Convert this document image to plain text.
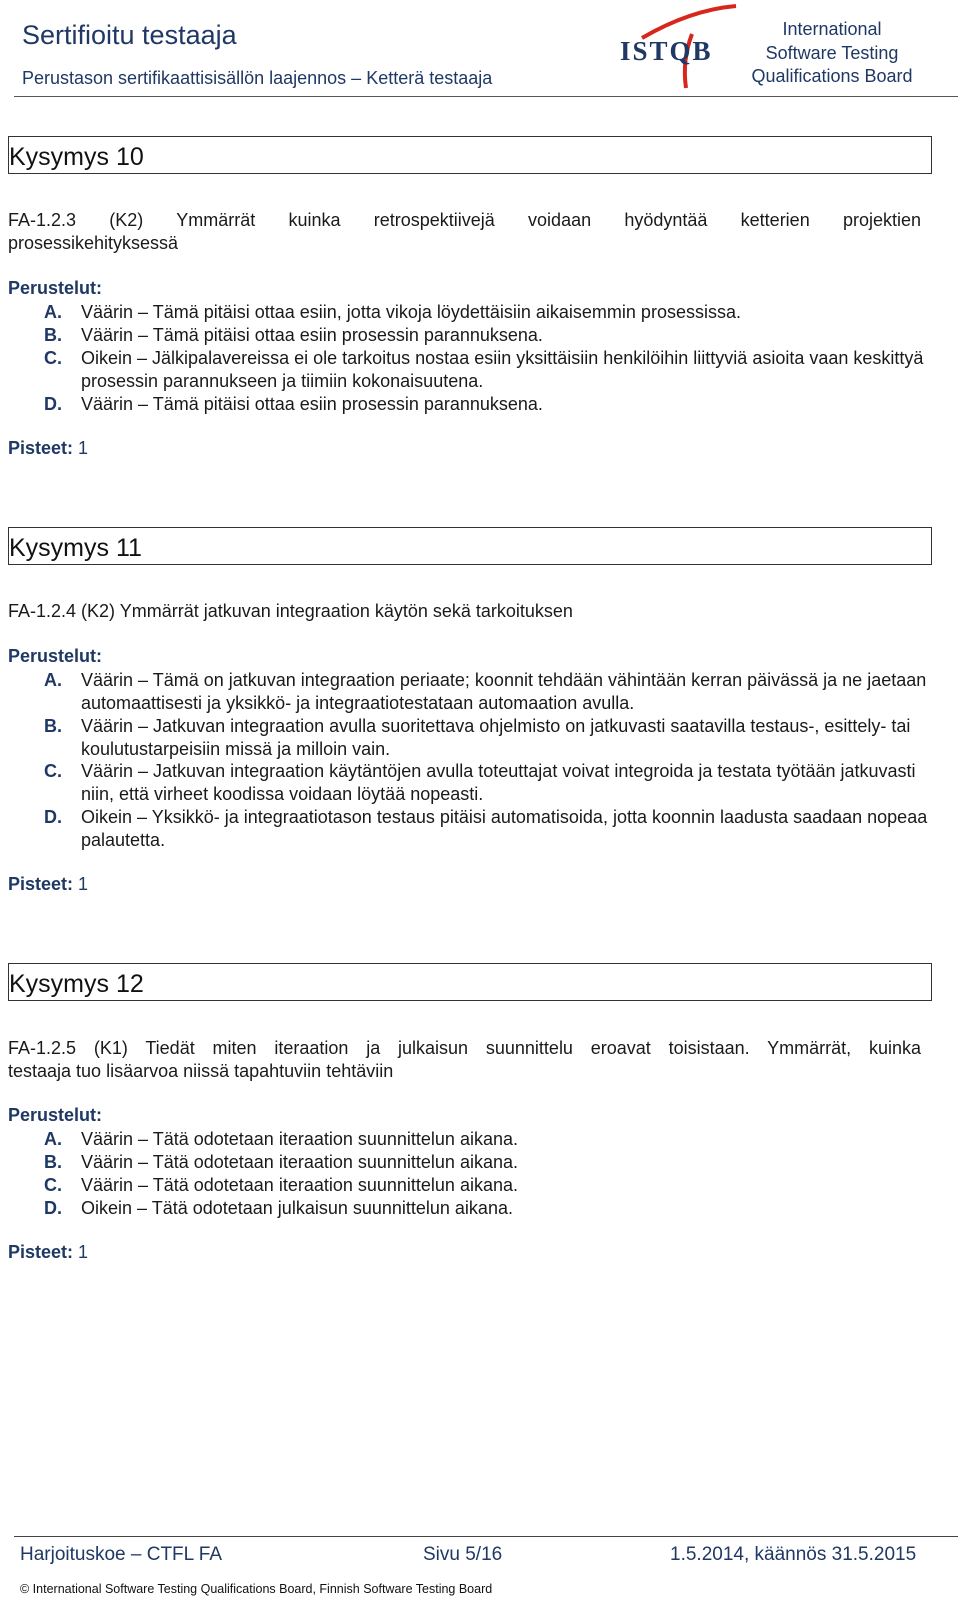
Sertifioitu testaaja
Perustason sertifikaattisisällön laajennos – Ketterä testaaja
ISTQB
International
Software Testing
Qualifications Board
Kysymys 10
FA-1.2.3 (K2) Ymmärrät kuinka retrospektiivejä voidaan hyödyntää ketterien projektien
prosessikehityksessä
Perustelut:
A. Väärin – Tämä pitäisi ottaa esiin, jotta vikoja löydettäisiin aikaisemmin prosessissa.
B. Väärin – Tämä pitäisi ottaa esiin prosessin parannuksena.
C. Oikein – Jälkipalavereissa ei ole tarkoitus nostaa esiin yksittäisiin henkilöihin liittyviä asioita vaan keskittyä prosessin parannukseen ja tiimiin kokonaisuutena.
D. Väärin – Tämä pitäisi ottaa esiin prosessin parannuksena.
Pisteet: 1
Kysymys 11
FA-1.2.4 (K2) Ymmärrät jatkuvan integraation käytön sekä tarkoituksen
Perustelut:
A. Väärin – Tämä on jatkuvan integraation periaate; koonnit tehdään vähintään kerran päivässä ja ne jaetaan automaattisesti ja yksikkö- ja integraatiotestataan automaation avulla.
B. Väärin – Jatkuvan integraation avulla suoritettava ohjelmisto on jatkuvasti saatavilla testaus-, esittely- tai koulutustarpeisiin missä ja milloin vain.
C. Väärin – Jatkuvan integraation käytäntöjen avulla toteuttajat voivat integroida ja testata työtään jatkuvasti niin, että virheet koodissa voidaan löytää nopeasti.
D. Oikein – Yksikkö- ja integraatiotason testaus pitäisi automatisoida, jotta koonnin laadusta saadaan nopeaa palautetta.
Pisteet: 1
Kysymys 12
FA-1.2.5 (K1) Tiedät miten iteraation ja julkaisun suunnittelu eroavat toisistaan. Ymmärrät, kuinka
testaaja tuo lisäarvoa niissä tapahtuviin tehtäviin
Perustelut:
A. Väärin – Tätä odotetaan iteraation suunnittelun aikana.
B. Väärin – Tätä odotetaan iteraation suunnittelun aikana.
C. Väärin – Tätä odotetaan iteraation suunnittelun aikana.
D. Oikein – Tätä odotetaan julkaisun suunnittelun aikana.
Pisteet: 1
Harjoituskoe – CTFL FA	Sivu 5/16	1.5.2014, käännös 31.5.2015
© International Software Testing Qualifications Board, Finnish Software Testing Board
